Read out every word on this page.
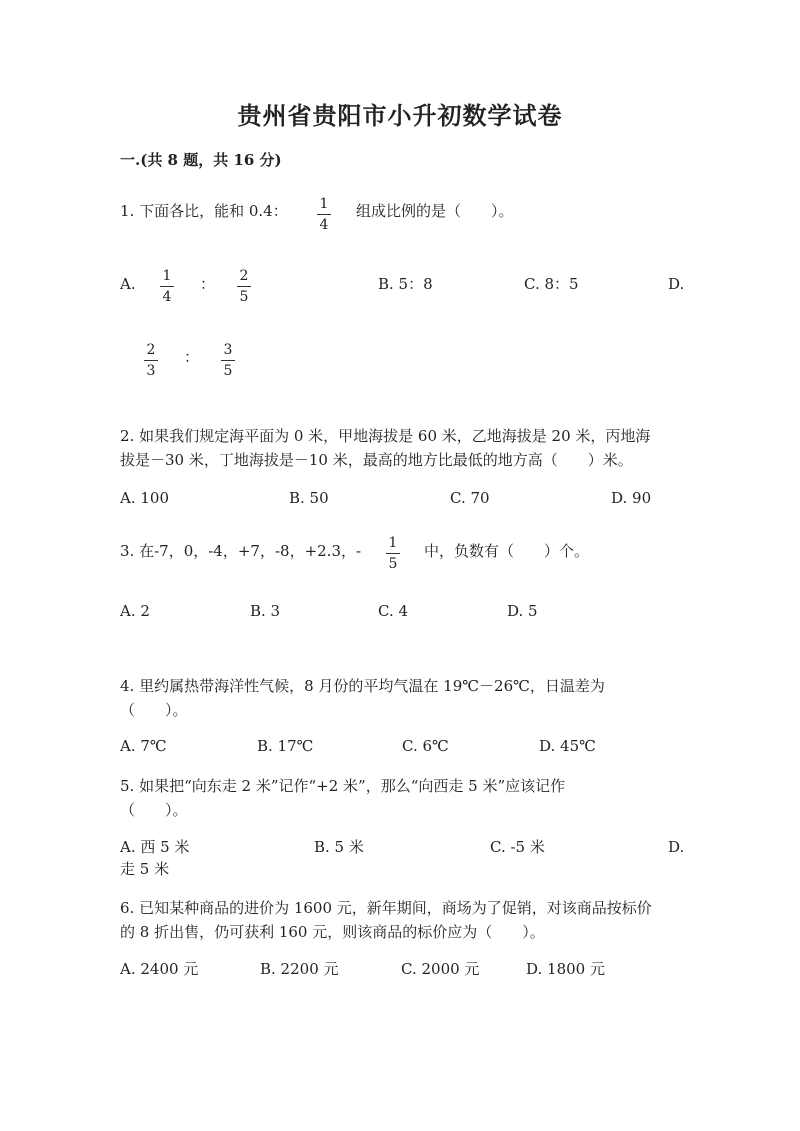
贵州省贵阳市小升初数学试卷
一.(共 8 题，共 16 分)
1. 下面各比，能和 0.4：	1
4
组成比例的是（　　）。
A.	1
4
：	2
5
B. 5：8	C. 8：5	D.
2
3
：	3
5
2. 如果我们规定海平面为 0 米，甲地海拔是 60 米，乙地海拔是 20 米，丙地海
拔是－30 米，丁地海拔是－10 米，最高的地方比最低的地方高（　　）米。
A. 100	B. 50	C. 70	D. 90
3. 在-7，0，-4，+7，-8，+2.3，-	1
5
中，负数有（　　）个。
A. 2	B. 3	C. 4	D. 5
4. 里约属热带海洋性气候，8 月份的平均气温在 19℃－26℃，日温差为
（　　）。
A. 7℃	B. 17℃	C. 6℃	D. 45℃
5. 如果把“向东走 2 米”记作“+2 米”，那么“向西走 5 米”应该记作
（　　）。
A. 西 5 米	B. 5 米	C. -5 米	D.
走 5 米
6. 已知某种商品的进价为 1600 元，新年期间，商场为了促销，对该商品按标价
的 8 折出售，仍可获利 160 元，则该商品的标价应为（　　）。
A. 2400 元	B. 2200 元	C. 2000 元	D. 1800 元
